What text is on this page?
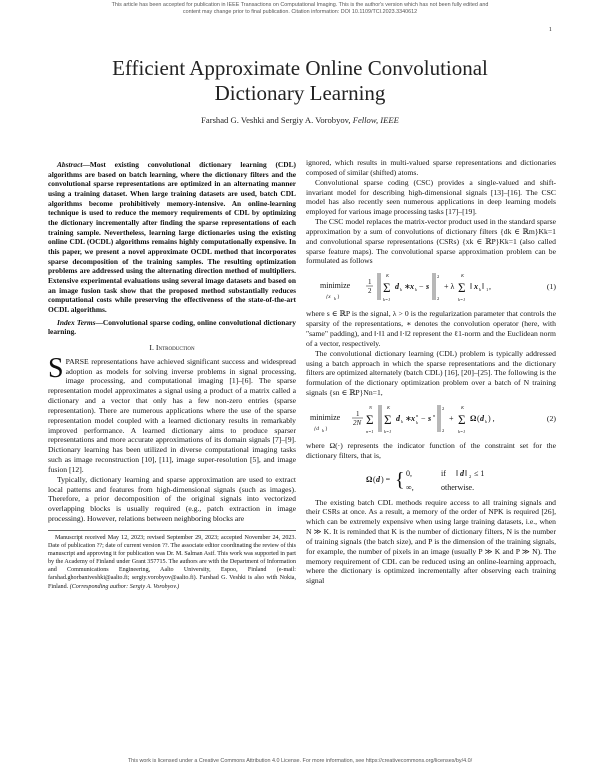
This article has been accepted for publication in IEEE Transactions on Computational Imaging. This is the author's version which has not been fully edited and
content may change prior to final publication. Citation information: DOI 10.1109/TCI.2023.3340612
1
Efficient Approximate Online Convolutional
Dictionary Learning
Farshad G. Veshki and Sergiy A. Vorobyov, Fellow, IEEE

Abstract—Most existing convolutional dictionary learning (CDL) algorithms are based on batch learning, where the dictionary filters and the convolutional sparse representations are optimized in an alternating manner using a training dataset. When large training datasets are used, batch CDL algorithms become prohibitively memory-intensive. An online-learning technique is used to reduce the memory requirements of CDL by optimizing the dictionary incrementally after finding the sparse representations of each training sample. Nevertheless, learning large dictionaries using the existing online CDL (OCDL) algorithms remains highly computationally expensive. In this paper, we present a novel approximate OCDL method that incorporates sparse decomposition of the training samples. The resulting optimization problems are addressed using the alternating direction method of multipliers. Extensive experimental evaluations using several image datasets and based on an image fusion task show that the proposed method substantially reduces computational costs while preserving the effectiveness of the state-of-the-art OCDL algorithms.

Index Terms—Convolutional sparse coding, online convolutional dictionary learning.

I. Introduction

SPARSE representations have achieved significant success and widespread adoption as models for solving inverse problems in signal processing, image processing, and computational imaging [1]–[6]. The sparse representation model approximates a signal using a product of a matrix called a dictionary and a vector that only has a few non-zero entries (sparse representation). There are numerous applications where the use of the sparse representation model coupled with a learned dictionary results in remarkably improved performance. A learned dictionary aims to produce sparser representations and more accurate approximations of its domain signals [7]–[9]. Dictionary learning has been utilized in diverse computational imaging tasks such as image reconstruction [10], [11], image super-resolution [5], and image fusion [12].

Typically, dictionary learning and sparse approximation are used to extract local patterns and features from high-dimensional signals (such as images). Therefore, a prior decomposition of the original signals into vectorized overlapping blocks is usually required (e.g., patch extraction in image processing). However, relations between neighboring blocks are

Manuscript received May 12, 2023; revised September 29, 2023; accepted November 24, 2023. Date of publication ??; date of current version ??. The associate editor coordinating the review of this manuscript and approving it for publication was Dr. M. Salman Asif. This work was supported in part by the Academy of Finland under Grant 357715. The authors are with the Department of Information and Communications Engineering, Aalto University, Espoo, Finland (e-mail: farshad.ghorbaniveshki@aalto.fi; sergiy.vorobyov@aalto.fi). Farshad G. Veshki is also with Nokia, Finland. (Corresponding author: Sergiy A. Vorobyov.)

ignored, which results in multi-valued sparse representations and dictionaries composed of similar (shifted) atoms.

Convolutional sparse coding (CSC) provides a single-valued and shift-invariant model for describing high-dimensional signals [13]–[16]. The CSC model has also recently seen numerous applications in deep learning models employed for various image processing tasks [17]–[19].

The CSC model replaces the matrix-vector product used in the standard sparse approximation by a sum of convolutions of dictionary filters {dk ∈ ℝm}Kk=1 and convolutional sparse representations (CSRs) {xk ∈ ℝP}Kk=1 (also called sparse feature maps). The convolutional sparse approximation problem can be formulated as follows

minimize
{x k }
1
2 Σ
K
k=1
d k ∗ x k − s
2
2
+ λ Σ
K
k=1
‖ x k ‖ 1 ,	(1)

where s ∈ ℝP is the signal, λ > 0 is the regularization parameter that controls the sparsity of the representations, ∗ denotes the convolution operator (here, with "same" padding), and ‖·‖1 and ‖·‖2 represent the ℓ1-norm and the Euclidean norm of a vector, respectively.

The convolutional dictionary learning (CDL) problem is typically addressed using a batch approach in which the sparse representations and the dictionary filters are optimized alternately (batch CDL) [16], [20]–[25]. The following is the formulation of the dictionary optimization problem over a batch of N training signals {sn ∈ ℝP}Nn=1,

minimize
{d k }
1
2N Σ
N
n=1
Σ
K
k=1
d k ∗ x n
k − s n
2
2
+ Σ
K
k=1
Ω ( d k ) ,	(2)

where Ω(·) represents the indicator function of the constraint set for the dictionary filters, that is,

Ω ( d ) = { 0,	if ‖ d ‖ 2 ≤ 1
∞,	otherwise.

The existing batch CDL methods require access to all training signals and their CSRs at once. As a result, a memory of the order of NPK is required [26], which can be extremely expensive when using large training datasets, i.e., when N ≫ K. It is reminded that K is the number of dictionary filters, N is the number of training signals (the batch size), and P is the dimension of the training signals, for example, the number of pixels in an image (usually P ≫ K and P ≫ N). The memory requirement of CDL can be reduced using an online-learning approach, where the dictionary is optimized incrementally after observing each training signal

This work is licensed under a Creative Commons Attribution 4.0 License. For more information, see https://creativecommons.org/licenses/by/4.0/
